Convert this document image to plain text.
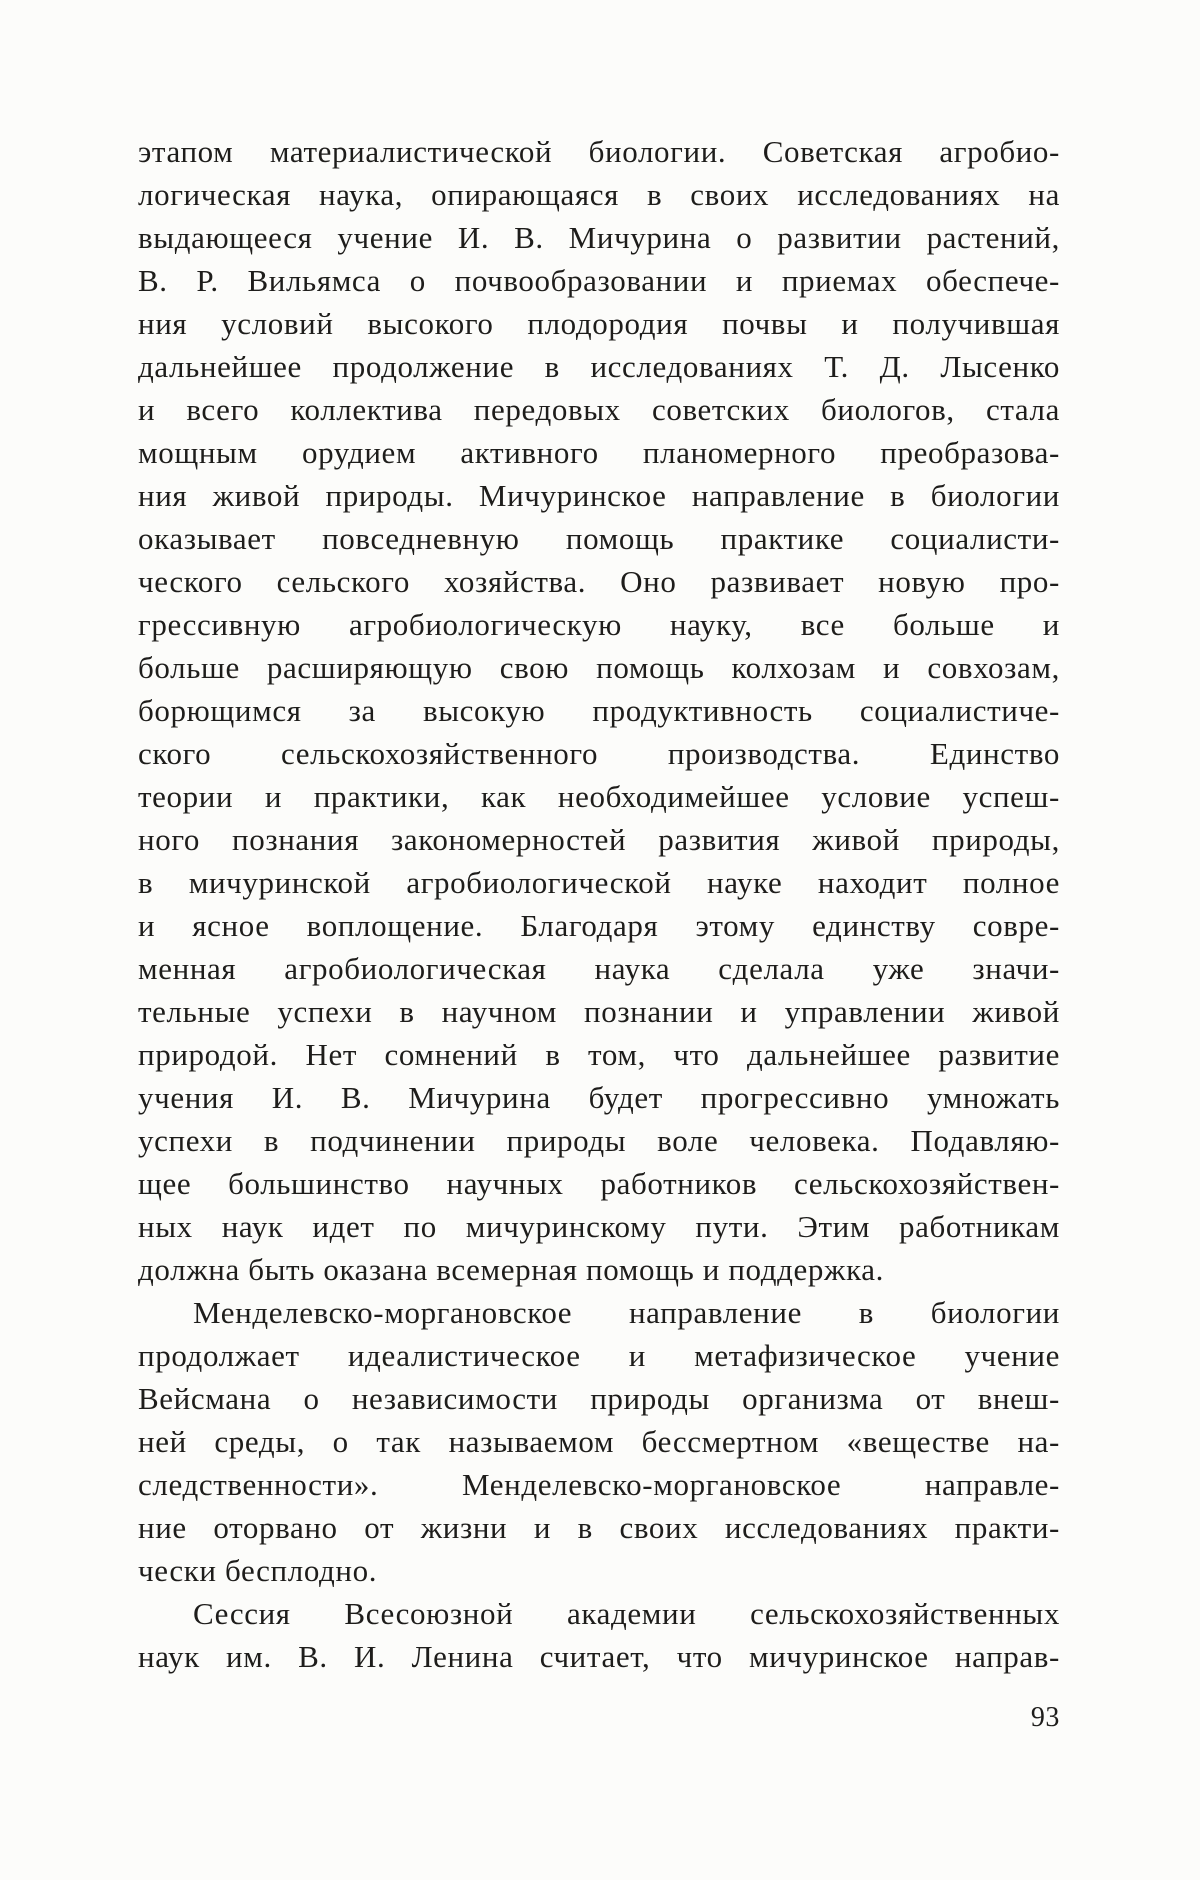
этапом материалистической биологии. Советская агробио-
логическая наука, опирающаяся в своих исследованиях на
выдающееся учение И. В. Мичурина о развитии растений,
В. Р. Вильямса о почвообразовании и приемах обеспече-
ния условий высокого плодородия почвы и получившая
дальнейшее продолжение в исследованиях Т. Д. Лысенко
и всего коллектива передовых советских биологов, стала
мощным орудием активного планомерного преобразова-
ния живой природы. Мичуринское направление в биологии
оказывает повседневную помощь практике социалисти-
ческого сельского хозяйства. Оно развивает новую про-
грессивную агробиологическую науку, все больше и
больше расширяющую свою помощь колхозам и совхозам,
борющимся за высокую продуктивность социалистиче-
ского сельскохозяйственного производства. Единство
теории и практики, как необходимейшее условие успеш-
ного познания закономерностей развития живой природы,
в мичуринской агробиологической науке находит полное
и ясное воплощение. Благодаря этому единству совре-
менная агробиологическая наука сделала уже значи-
тельные успехи в научном познании и управлении живой
природой. Нет сомнений в том, что дальнейшее развитие
учения И. В. Мичурина будет прогрессивно умножать
успехи в подчинении природы воле человека. Подавляю-
щее большинство научных работников сельскохозяйствен-
ных наук идет по мичуринскому пути. Этим работникам
должна быть оказана всемерная помощь и поддержка.
Менделевско-моргановское направление в биологии
продолжает идеалистическое и метафизическое учение
Вейсмана о независимости природы организма от внеш-
ней среды, о так называемом бессмертном «веществе на-
следственности». Менделевско-моргановское направле-
ние оторвано от жизни и в своих исследованиях практи-
чески бесплодно.
Сессия Всесоюзной академии сельскохозяйственных
наук им. В. И. Ленина считает, что мичуринское направ-
93
